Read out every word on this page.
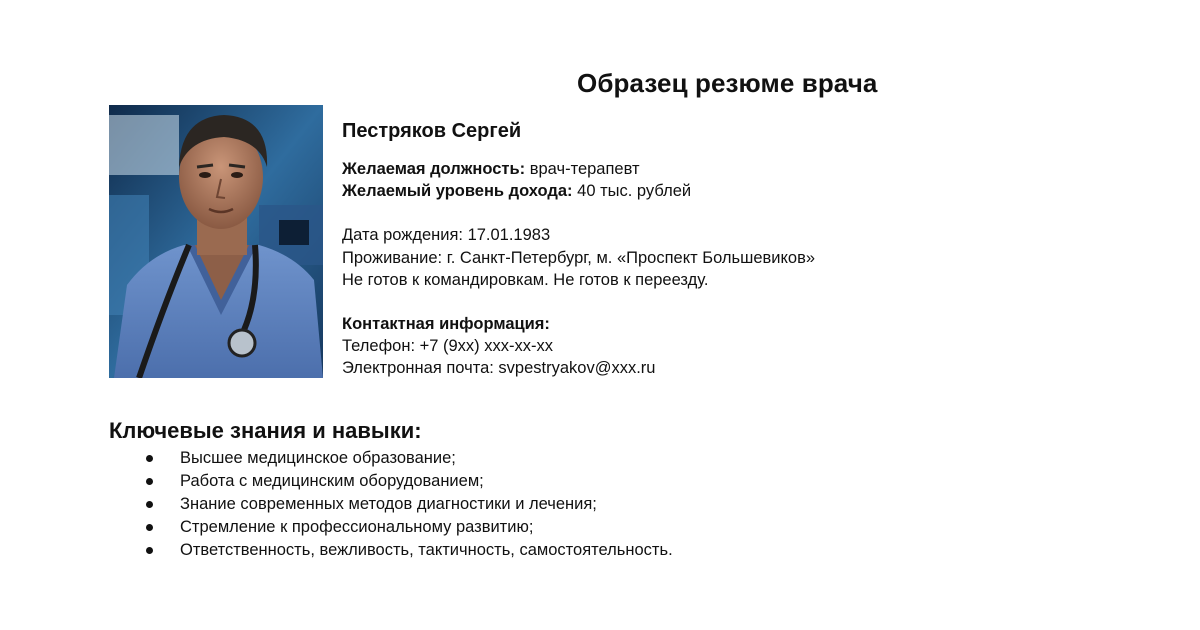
Образец резюме врача
Пестряков Сергей
Желаемая должность: врач-терапевт
Желаемый уровень дохода: 40 тыс. рублей
Дата рождения: 17.01.1983
Проживание: г. Санкт-Петербург, м. «Проспект Большевиков»
Не готов к командировкам. Не готов к переезду.
Контактная информация:
Телефон: +7 (9хх) ххх-хх-хх
Электронная почта: svpestryakov@xxx.ru
Ключевые знания и навыки:
Высшее медицинское образование;
Работа с медицинским оборудованием;
Знание современных методов диагностики и лечения;
Стремление к профессиональному развитию;
Ответственность, вежливость, тактичность, самостоятельность.
